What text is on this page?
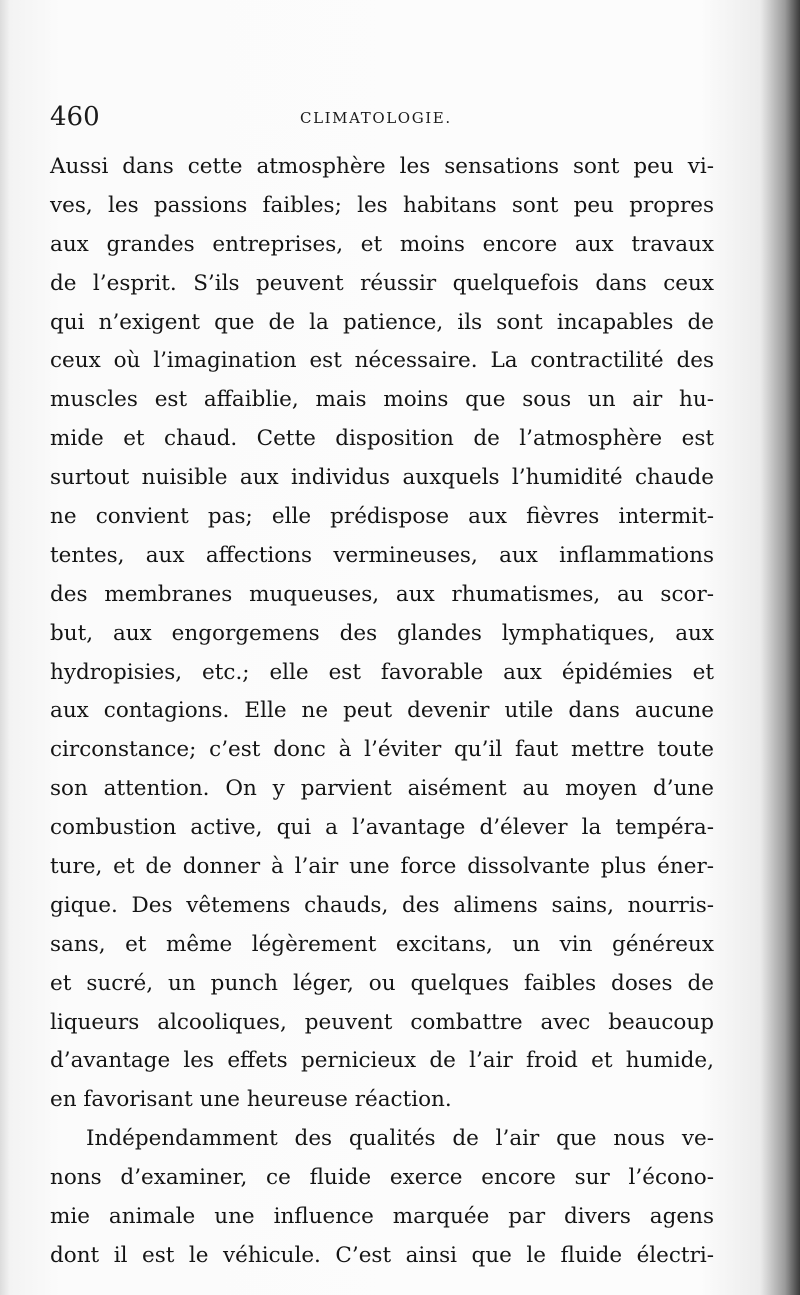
460	CLIMATOLOGIE.
Aussi dans cette atmosphère les sensations sont peu vi-
ves, les passions faibles; les habitans sont peu propres
aux grandes entreprises, et moins encore aux travaux
de l’esprit. S’ils peuvent réussir quelquefois dans ceux
qui n’exigent que de la patience, ils sont incapables de
ceux où l’imagination est nécessaire. La contractilité des
muscles est affaiblie, mais moins que sous un air hu-
mide et chaud. Cette disposition de l’atmosphère est
surtout nuisible aux individus auxquels l’humidité chaude
ne convient pas; elle prédispose aux fièvres intermit-
tentes, aux affections vermineuses, aux inflammations
des membranes muqueuses, aux rhumatismes, au scor-
but, aux engorgemens des glandes lymphatiques, aux
hydropisies, etc.; elle est favorable aux épidémies et
aux contagions. Elle ne peut devenir utile dans aucune
circonstance; c’est donc à l’éviter qu’il faut mettre toute
son attention. On y parvient aisément au moyen d’une
combustion active, qui a l’avantage d’élever la tempéra-
ture, et de donner à l’air une force dissolvante plus éner-
gique. Des vêtemens chauds, des alimens sains, nourris-
sans, et même légèrement excitans, un vin généreux
et sucré, un punch léger, ou quelques faibles doses de
liqueurs alcooliques, peuvent combattre avec beaucoup
d’avantage les effets pernicieux de l’air froid et humide,
en favorisant une heureuse réaction.
Indépendamment des qualités de l’air que nous ve-
nons d’examiner, ce fluide exerce encore sur l’écono-
mie animale une influence marquée par divers agens
dont il est le véhicule. C’est ainsi que le fluide électri-
